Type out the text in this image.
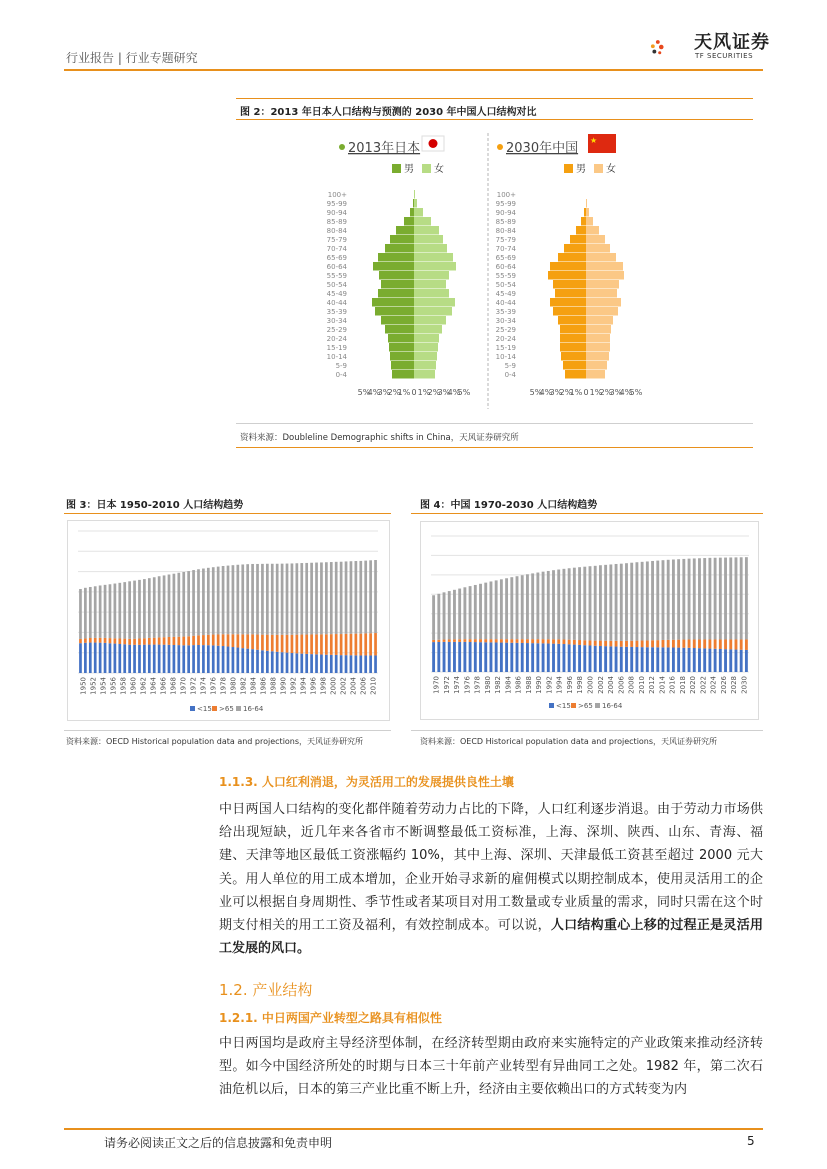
行业报告 | 行业专题研究
天风证券
TF SECURITIES
图 2：2013 年日本人口结构与预测的 2030 年中国人口结构对比
2013年日本
男 女
0-4
5-9
10-14
15-19
20-24
25-29
30-34
35-39
40-44
45-49
50-54
55-59
60-64
65-69
70-74
75-79
80-84
85-89
90-94
95-99
100+
5%
4%
3%
2%
1% 0 1%
2%
3%
4%
5%
2030年中国
★
男 女
0-4
5-9
10-14
15-19
20-24
25-29
30-34
35-39
40-44
45-49
50-54
55-59
60-64
65-69
70-74
75-79
80-84
85-89
90-94
95-99
100+
5%
4%
3%
2%
1% 0 1%
2%
3%
4%
5%
资料来源：Doubleline Demographic shifts in China，天风证券研究所
图 3：日本 1950-2010 人口结构趋势
1950 1952 1954 1956 1958 1960 1962 1964 1966 1968 1970 1972 1974 1976 1978 1980 1982 1984 1986 1988 1990 1992 1994 1996 1998 2000 2002 2004 2006 2010
<15 >65 16-64
资料来源：OECD Historical population data and projections，天风证券研究所
图 4：中国 1970-2030 人口结构趋势
1970 1972 1974 1976 1978 1980 1982 1984 1986 1988 1990 1992 1994 1996 1998 2000 2002 2004 2006 2008 2010 2012 2014 2016 2018 2020 2022 2024 2026 2028 2030
<15 >65 16-64
资料来源：OECD Historical population data and projections，天风证券研究所
1.1.3. 人口红利消退，为灵活用工的发展提供良性土壤
中日两国人口结构的变化都伴随着劳动力占比的下降，人口红利逐步消退。由于劳动力市场供给出现短缺，近几年来各省市不断调整最低工资标准，上海、深圳、陕西、山东、青海、福建、天津等地区最低工资涨幅约 10%，其中上海、深圳、天津最低工资甚至超过 2000 元大关。用人单位的用工成本增加，企业开始寻求新的雇佣模式以期控制成本，使用灵活用工的企业可以根据自身周期性、季节性或者某项目对用工数量或专业质量的需求，同时只需在这个时期支付相关的用工工资及福利，有效控制成本。可以说，人口结构重心上移的过程正是灵活用工发展的风口。
1.2. 产业结构
1.2.1. 中日两国产业转型之路具有相似性
中日两国均是政府主导经济型体制，在经济转型期由政府来实施特定的产业政策来推动经济转型。如今中国经济所处的时期与日本三十年前产业转型有异曲同工之处。1982 年，第二次石油危机以后，日本的第三产业比重不断上升，经济由主要依赖出口的方式转变为内
请务必阅读正文之后的信息披露和免责申明	5
